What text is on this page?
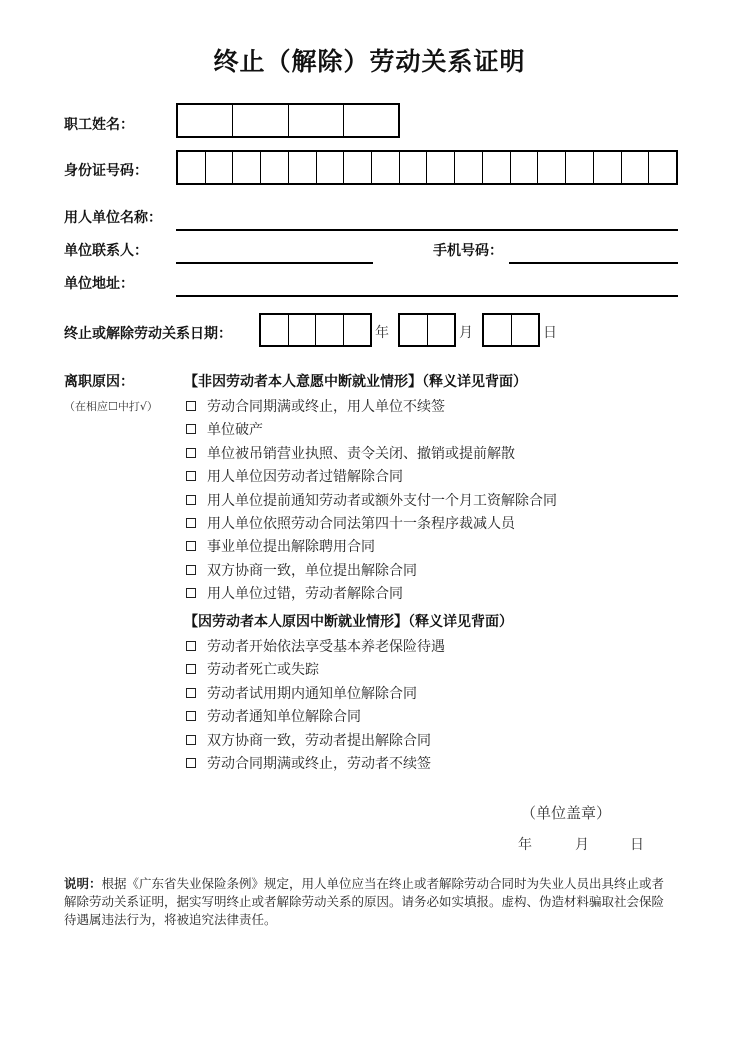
终止（解除）劳动关系证明
职工姓名：
身份证号码：
用人单位名称：
单位联系人：	手机号码：
单位地址：
终止或解除劳动关系日期：	年	月	日
离职原因：
（在相应☐中打√）
【非因劳动者本人意愿中断就业情形】（释义详见背面）
劳动合同期满或终止，用人单位不续签
单位破产
单位被吊销营业执照、责令关闭、撤销或提前解散
用人单位因劳动者过错解除合同
用人单位提前通知劳动者或额外支付一个月工资解除合同
用人单位依照劳动合同法第四十一条程序裁减人员
事业单位提出解除聘用合同
双方协商一致，单位提出解除合同
用人单位过错，劳动者解除合同
【因劳动者本人原因中断就业情形】（释义详见背面）
劳动者开始依法享受基本养老保险待遇
劳动者死亡或失踪
劳动者试用期内通知单位解除合同
劳动者通知单位解除合同
双方协商一致，劳动者提出解除合同
劳动合同期满或终止，劳动者不续签
（单位盖章）
年	月	日
说明：根据《广东省失业保险条例》规定，用人单位应当在终止或者解除劳动合同时为失业人员出具终止或者解除劳动关系证明，据实写明终止或者解除劳动关系的原因。请务必如实填报。虚构、伪造材料骗取社会保险待遇属违法行为，将被追究法律责任。
